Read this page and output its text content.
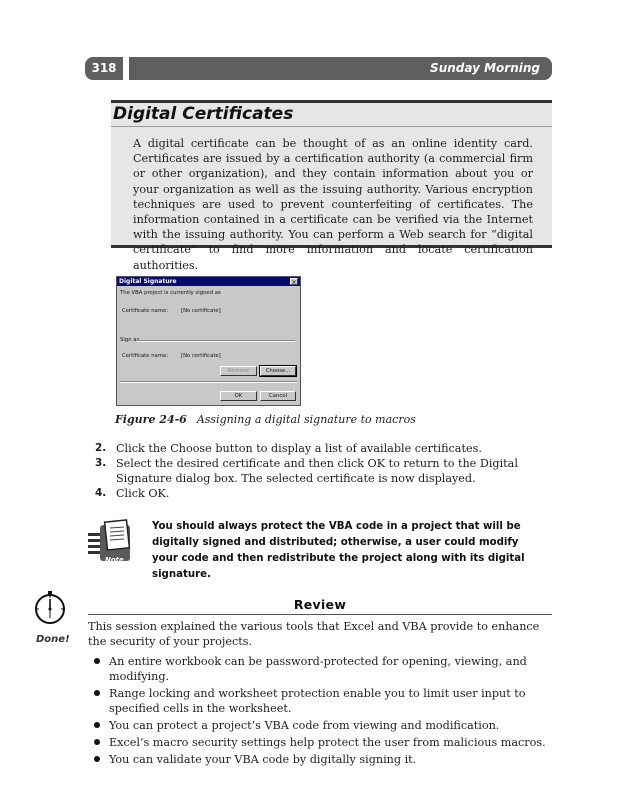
318	Sunday Morning
Digital Certificates
A digital certificate can be thought of as an online identity card. Certificates are issued by a certification authority (a commercial firm or other organization), and they contain information about you or your organization as well as the issuing authority. Various encryption techniques are used to prevent counterfeiting of certificates. The information contained in a certificate can be verified via the Internet with the issuing authority. You can perform a Web search for “digital certificate” to find more information and locate certification authorities.
Digital Signature	×
The VBA project is currently signed as
Certificate name: [No certificate]
Sign as
Certificate name: [No certificate]
Remove	Choose...
OK	Cancel
Figure 24-6 Assigning a digital signature to macros
2. Click the Choose button to display a list of available certificates.
3. Select the desired certificate and then click OK to return to the Digital Signature dialog box. The selected certificate is now displayed.
4. Click OK.
Note
You should always protect the VBA code in a project that will be digitally signed and distributed; otherwise, a user could modify your code and then redistribute the project along with its digital signature.
Done!
Review
This session explained the various tools that Excel and VBA provide to enhance the security of your projects.
An entire workbook can be password-protected for opening, viewing, and modifying.
Range locking and worksheet protection enable you to limit user input to specified cells in the worksheet.
You can protect a project’s VBA code from viewing and modification.
Excel’s macro security settings help protect the user from malicious macros.
You can validate your VBA code by digitally signing it.
